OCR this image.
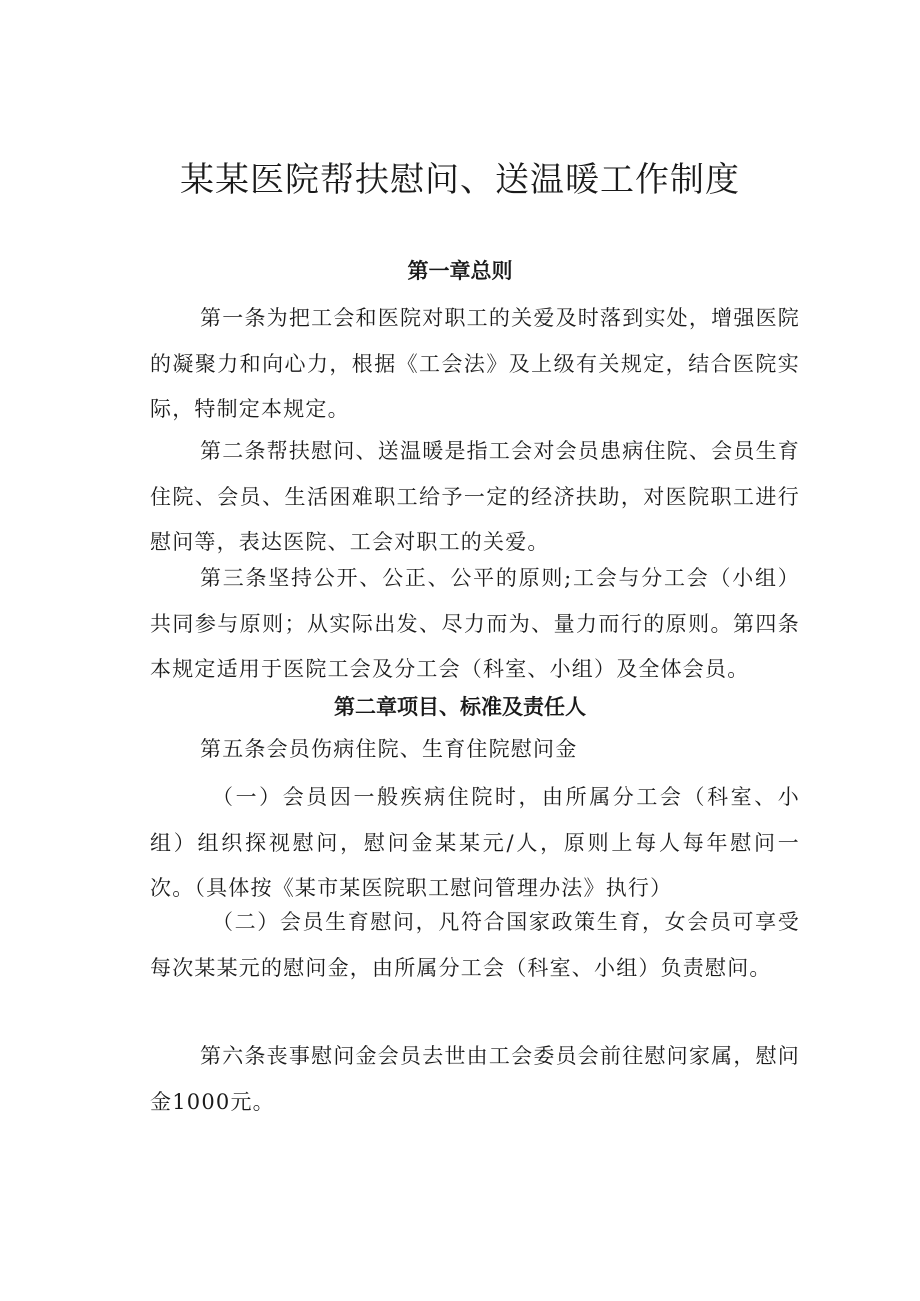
某某医院帮扶慰问、送温暖工作制度
第一章总则

第一条为把工会和医院对职工的关爱及时落到实处，增强医院的凝聚力和向心力，根据《工会法》及上级有关规定，结合医院实际，特制定本规定。

第二条帮扶慰问、送温暖是指工会对会员患病住院、会员生育住院、会员、生活困难职工给予一定的经济扶助，对医院职工进行慰问等，表达医院、工会对职工的关爱。

第三条坚持公开、公正、公平的原则;工会与分工会（小组）共同参与原则；从实际出发、尽力而为、量力而行的原则。第四条本规定适用于医院工会及分工会（科室、小组）及全体会员。

第二章项目、标准及责任人

第五条会员伤病住院、生育住院慰问金

（一）会员因一般疾病住院时，由所属分工会（科室、小组）组织探视慰问，慰问金某某元/人，原则上每人每年慰问一次。（具体按《某市某医院职工慰问管理办法》执行）

（二）会员生育慰问，凡符合国家政策生育，女会员可享受每次某某元的慰问金，由所属分工会（科室、小组）负责慰问。

第六条丧事慰问金会员去世由工会委员会前往慰问家属，慰问金1000元。
